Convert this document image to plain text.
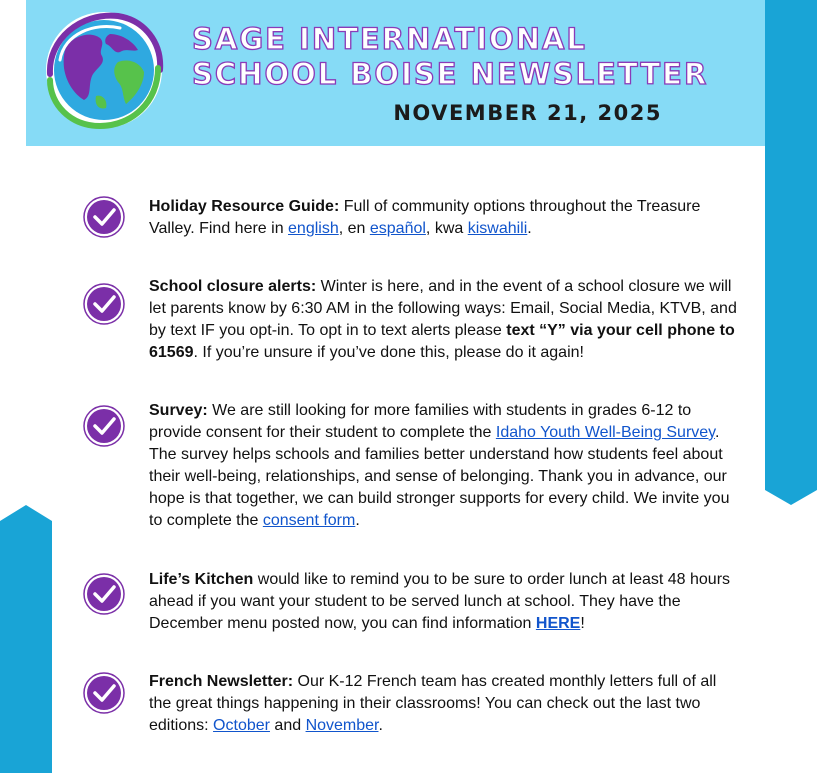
SAGE INTERNATIONAL
SCHOOL BOISE NEWSLETTER
NOVEMBER 21, 2025
Holiday Resource Guide: Full of community options throughout the Treasure Valley. Find here in english, en español, kwa kiswahili.
School closure alerts: Winter is here, and in the event of a school closure we will let parents know by 6:30 AM in the following ways: Email, Social Media, KTVB, and by text IF you opt-in. To opt in to text alerts please text “Y” via your cell phone to 61569. If you’re unsure if you’ve done this, please do it again!
Survey: We are still looking for more families with students in grades 6-12 to provide consent for their student to complete the Idaho Youth Well-Being Survey. The survey helps schools and families better understand how students feel about their well-being, relationships, and sense of belonging. Thank you in advance, our hope is that together, we can build stronger supports for every child. We invite you to complete the consent form.
Life’s Kitchen would like to remind you to be sure to order lunch at least 48 hours ahead if you want your student to be served lunch at school. They have the December menu posted now, you can find information HERE!
French Newsletter: Our K-12 French team has created monthly letters full of all the great things happening in their classrooms! You can check out the last two editions: October and November.
